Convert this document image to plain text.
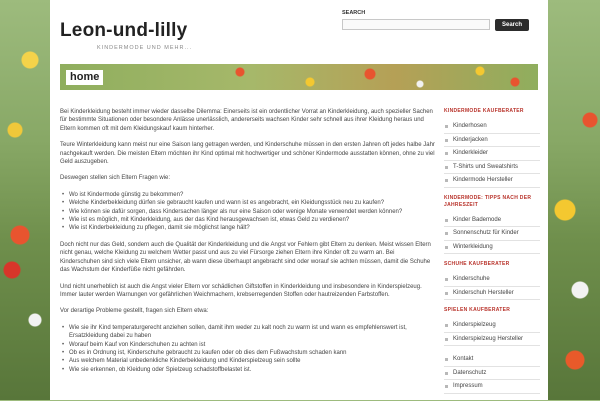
Leon-und-lilly
KINDERMODE UND MEHR...
SEARCH
Search
home

Bei Kinderkleidung besteht immer wieder dasselbe Dilemma: Einerseits ist ein ordentlicher Vorrat an Kinderkleidung, auch spezieller Sachen für bestimmte Situationen oder besondere Anlässe unerlässlich, andererseits wachsen Kinder sehr schnell aus ihrer Kleidung heraus und Eltern kommen oft mit dem Kleidungskauf kaum hinterher.

Teure Winterkleidung kann meist nur eine Saison lang getragen werden, und Kinderschuhe müssen in den ersten Jahren oft jedes halbe Jahr nachgekauft werden. Die meisten Eltern möchten ihr Kind optimal mit hochwertiger und schöner Kindermode ausstatten können, ohne zu viel Geld auszugeben.

Deswegen stellen sich Eltern Fragen wie:

• Wo ist Kindermode günstig zu bekommen?
• Welche Kinderbekleidung dürfen sie gebraucht kaufen und wann ist es angebracht, ein Kleidungsstück neu zu kaufen?
• Wie können sie dafür sorgen, dass Kindersachen länger als nur eine Saison oder wenige Monate verwendet werden können?
• Wie ist es möglich, mit Kinderkleidung, aus der das Kind herausgewachsen ist, etwas Geld zu verdienen?
• Wie ist Kinderbekleidung zu pflegen, damit sie möglichst lange hält?

Doch nicht nur das Geld, sondern auch die Qualität der Kinderkleidung und die Angst vor Fehlern gibt Eltern zu denken. Meist wissen Eltern nicht genau, welche Kleidung zu welchem Wetter passt und aus zu viel Fürsorge ziehen Eltern ihre Kinder oft zu warm an. Bei Kinderschuhen sind sich viele Eltern unsicher, ab wann diese überhaupt angebracht sind oder worauf sie achten müssen, damit die Schuhe das Wachstum der Kinderfüße nicht gefährden.

Und nicht unerheblich ist auch die Angst vieler Eltern vor schädlichen Giftstoffen in Kinderkleidung und insbesondere in Kinderspielzeug. Immer lauter werden Warnungen vor gefährlichen Weichmachern, krebserregenden Stoffen oder hautreizenden Farbstoffen.

Vor derartige Probleme gestellt, fragen sich Eltern etwa:

• Wie sie ihr Kind temperaturgerecht anziehen sollen, damit ihm weder zu kalt noch zu warm ist und wann es empfehlenswert ist, Ersatzkleidung dabei zu haben
• Worauf beim Kauf von Kinderschuhen zu achten ist
• Ob es in Ordnung ist, Kinderschuhe gebraucht zu kaufen oder ob dies dem Fußwachstum schaden kann
• Aus welchem Material unbedenkliche Kinderbekleidung und Kinderspielzeug sein sollte
• Wie sie erkennen, ob Kleidung oder Spielzeug schadstoffbelastet ist.
KINDERMODE KAUFBERATER
Kinderhosen
Kinderjacken
Kinderkleider
T-Shirts und Sweatshirts
Kindermode Hersteller
KINDERMODE: TIPPS NACH DER JAHRESZEIT
Kinder Bademode
Sonnenschutz für Kinder
Winterkleidung
SCHUHE KAUFBERATER
Kinderschuhe
Kinderschuh Hersteller
SPIELEN KAUFBERATER
Kinderspielzeug
Kinderspielzeug Hersteller
Kontakt
Datenschutz
Impressum
